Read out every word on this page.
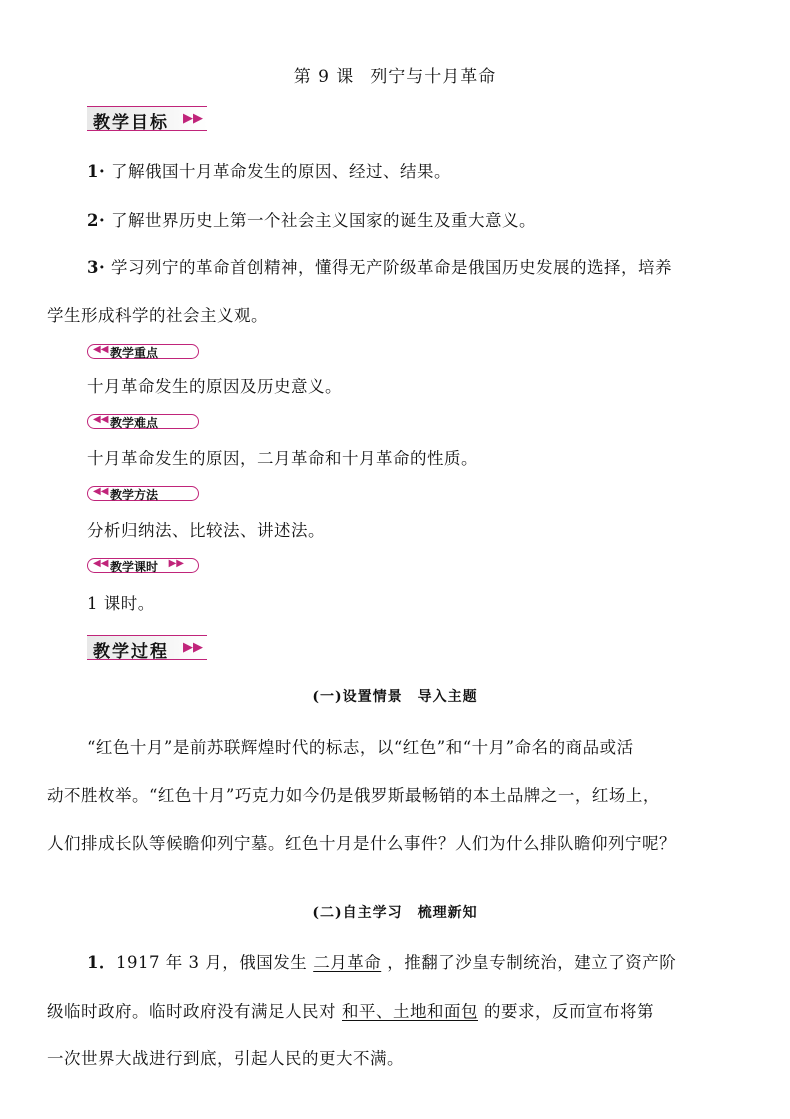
第 9 课 列宁与十月革命
教学目标 ▶▶
1· 了解俄国十月革命发生的原因、经过、结果。
2· 了解世界历史上第一个社会主义国家的诞生及重大意义。
3· 学习列宁的革命首创精神，懂得无产阶级革命是俄国历史发展的选择，培养
学生形成科学的社会主义观。
◀◀ 教学重点
十月革命发生的原因及历史意义。
◀◀ 教学难点
十月革命发生的原因，二月革命和十月革命的性质。
◀◀ 教学方法
分析归纳法、比较法、讲述法。
◀◀ 教学课时 ▶▶
1 课时。
教学过程 ▶▶
(一)设置情景　导入主题
“红色十月”是前苏联辉煌时代的标志，以“红色”和“十月”命名的商品或活
动不胜枚举。“红色十月”巧克力如今仍是俄罗斯最畅销的本土品牌之一，红场上，
人们排成长队等候瞻仰列宁墓。红色十月是什么事件？人们为什么排队瞻仰列宁呢？
(二)自主学习　梳理新知
1．1917 年 3 月，俄国发生 二月革命 ，推翻了沙皇专制统治，建立了资产阶
级临时政府。临时政府没有满足人民对 和平、土地和面包 的要求，反而宣布将第
一次世界大战进行到底，引起人民的更大不满。
